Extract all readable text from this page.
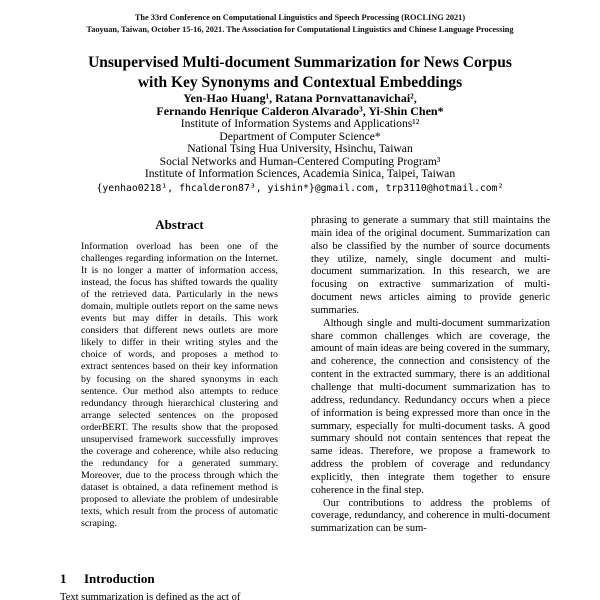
The 33rd Conference on Computational Linguistics and Speech Processing (ROCLING 2021)
Taoyuan, Taiwan, October 15-16, 2021. The Association for Computational Linguistics and Chinese Language Processing
Unsupervised Multi-document Summarization for News Corpus
with Key Synonyms and Contextual Embeddings
Yen-Hao Huang¹, Ratana Pornvattanavichai²,
Fernando Henrique Calderon Alvarado³, Yi-Shin Chen*
Institute of Information Systems and Applications¹²
Department of Computer Science*
National Tsing Hua University, Hsinchu, Taiwan
Social Networks and Human-Centered Computing Program³
Institute of Information Sciences, Academia Sinica, Taipei, Taiwan
{yenhao0218¹, fhcalderon87³, yishin*}@gmail.com, trp3110@hotmail.com²
Abstract
Information overload has been one of the challenges regarding information on the Internet. It is no longer a matter of information access, instead, the focus has shifted towards the quality of the retrieved data. Particularly in the news domain, multiple outlets report on the same news events but may differ in details. This work considers that different news outlets are more likely to differ in their writing styles and the choice of words, and proposes a method to extract sentences based on their key information by focusing on the shared synonyms in each sentence. Our method also attempts to reduce redundancy through hierarchical clustering and arrange selected sentences on the proposed orderBERT. The results show that the proposed unsupervised framework successfully improves the coverage and coherence, while also reducing the redundancy for a generated summary. Moreover, due to the process through which the dataset is obtained, a data refinement method is proposed to alleviate the problem of undesirable texts, which result from the process of automatic scraping.
1	Introduction
Text summarization is defined as the act of

phrasing to generate a summary that still maintains the main idea of the original document. Summarization can also be classified by the number of source documents they utilize, namely, single document and multi-document summarization. In this research, we are focusing on extractive summarization of multi-document news articles aiming to provide generic summaries.

Although single and multi-document summarization share common challenges which are coverage, the amount of main ideas are being covered in the summary, and coherence, the connection and consistency of the content in the extracted summary, there is an additional challenge that multi-document summarization has to address, redundancy. Redundancy occurs when a piece of information is being expressed more than once in the summary, especially for multi-document tasks. A good summary should not contain sentences that repeat the same ideas. Therefore, we propose a framework to address the problem of coverage and redundancy explicitly, then integrate them together to ensure coherence in the final step.

Our contributions to address the problems of coverage, redundancy, and coherence in multi-document summarization can be sum-
